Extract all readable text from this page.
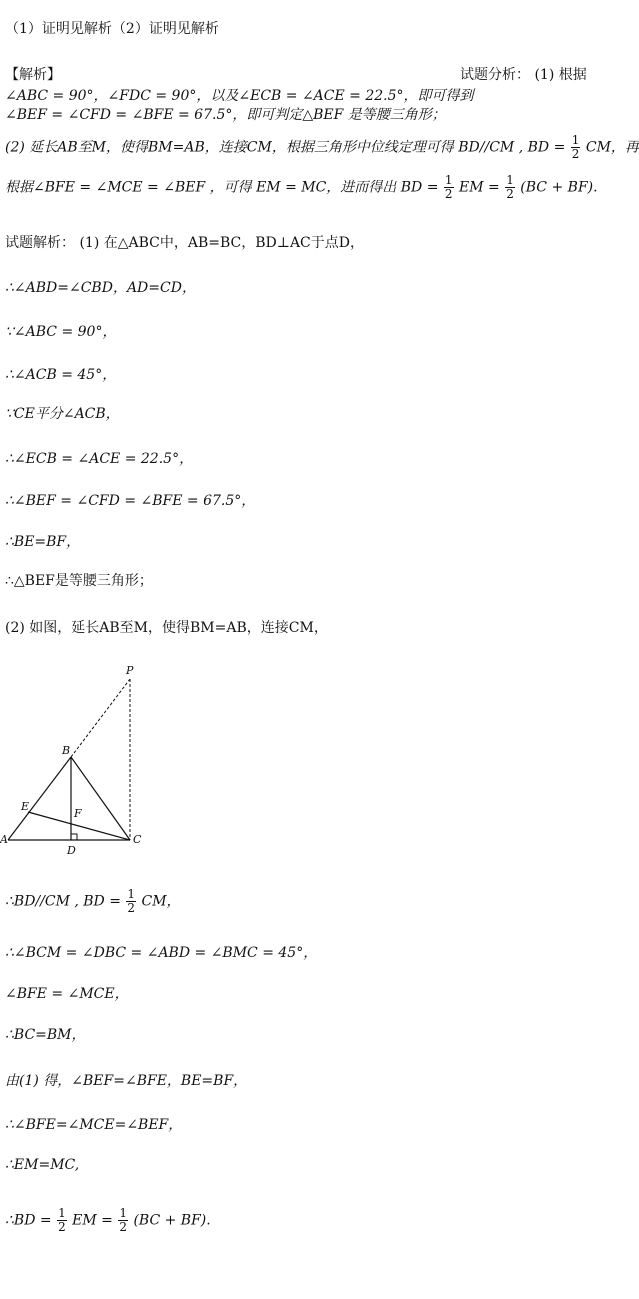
（1）证明见解析（2）证明见解析
【解析】	试题分析： (1) 根据
∠ABC = 90°，∠FDC = 90°，以及∠ECB = ∠ACE = 22.5°，即可得到
∠BEF = ∠CFD = ∠BFE = 67.5°，即可判定△BEF 是等腰三角形；
(2) 延长AB至M，使得BM=AB，连接CM，根据三角形中位线定理可得 BD//CM , BD = $\frac{1}{2}$ CM，再
根据∠BFE = ∠MCE = ∠BEF ，可得 EM = MC，进而得出 BD = $\frac{1}{2}$ EM = $\frac{1}{2} (BC + BF)$.
试题解析： (1) 在△ABC中，AB=BC，BD⊥AC于点D，
∴∠ABD=∠CBD，AD=CD，
∵∠ABC = 90°，
∴∠ACB = 45°，
∵CE平分∠ACB，
∴∠ECB = ∠ACE = 22.5°，
∴∠BEF = ∠CFD = ∠BFE = 67.5°，
∴BE=BF，
∴△BEF是等腰三角形；
(2) 如图，延长AB至M，使得BM=AB，连接CM，
P
B
E
F
A
D
C
∴BD//CM , BD = $\frac{1}{2}$ CM，
∴∠BCM = ∠DBC = ∠ABD = ∠BMC = 45°，
∠BFE = ∠MCE，
∴BC=BM，
由(1) 得，∠BEF=∠BFE，BE=BF，
∴∠BFE=∠MCE=∠BEF，
∴EM=MC,
∴BD = $\frac{1}{2}$ EM = $\frac{1}{2} (BC + BF)$.
